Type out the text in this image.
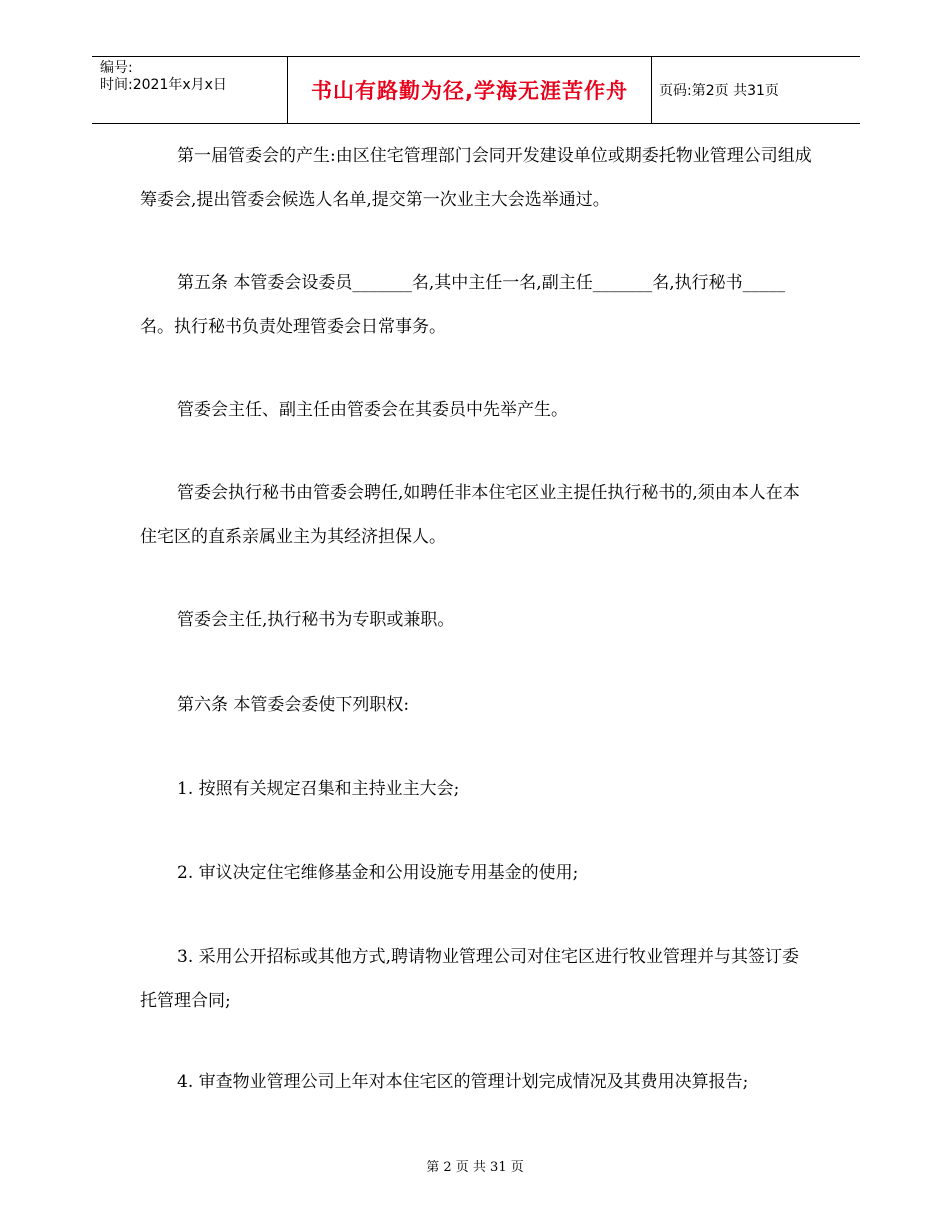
编号:
时间:2021年x月x日	书山有路勤为径,学海无涯苦作舟	页码:第2页 共31页

第一届管委会的产生:由区住宅管理部门会同开发建设单位或期委托物业管理公司组成筹委会,提出管委会候选人名单,提交第一次业主大会选举通过。

第五条 本管委会设委员_______名,其中主任一名,副主任_______名,执行秘书_____名。执行秘书负责处理管委会日常事务。

管委会主任、副主任由管委会在其委员中先举产生。

管委会执行秘书由管委会聘任,如聘任非本住宅区业主提任执行秘书的,须由本人在本住宅区的直系亲属业主为其经济担保人。

管委会主任,执行秘书为专职或兼职。

第六条 本管委会委使下列职权:

1. 按照有关规定召集和主持业主大会;

2. 审议决定住宅维修基金和公用设施专用基金的使用;

3. 采用公开招标或其他方式,聘请物业管理公司对住宅区进行牧业管理并与其签订委托管理合同;

4. 审查物业管理公司上年对本住宅区的管理计划完成情况及其费用决算报告;

第 2 页 共 31 页
